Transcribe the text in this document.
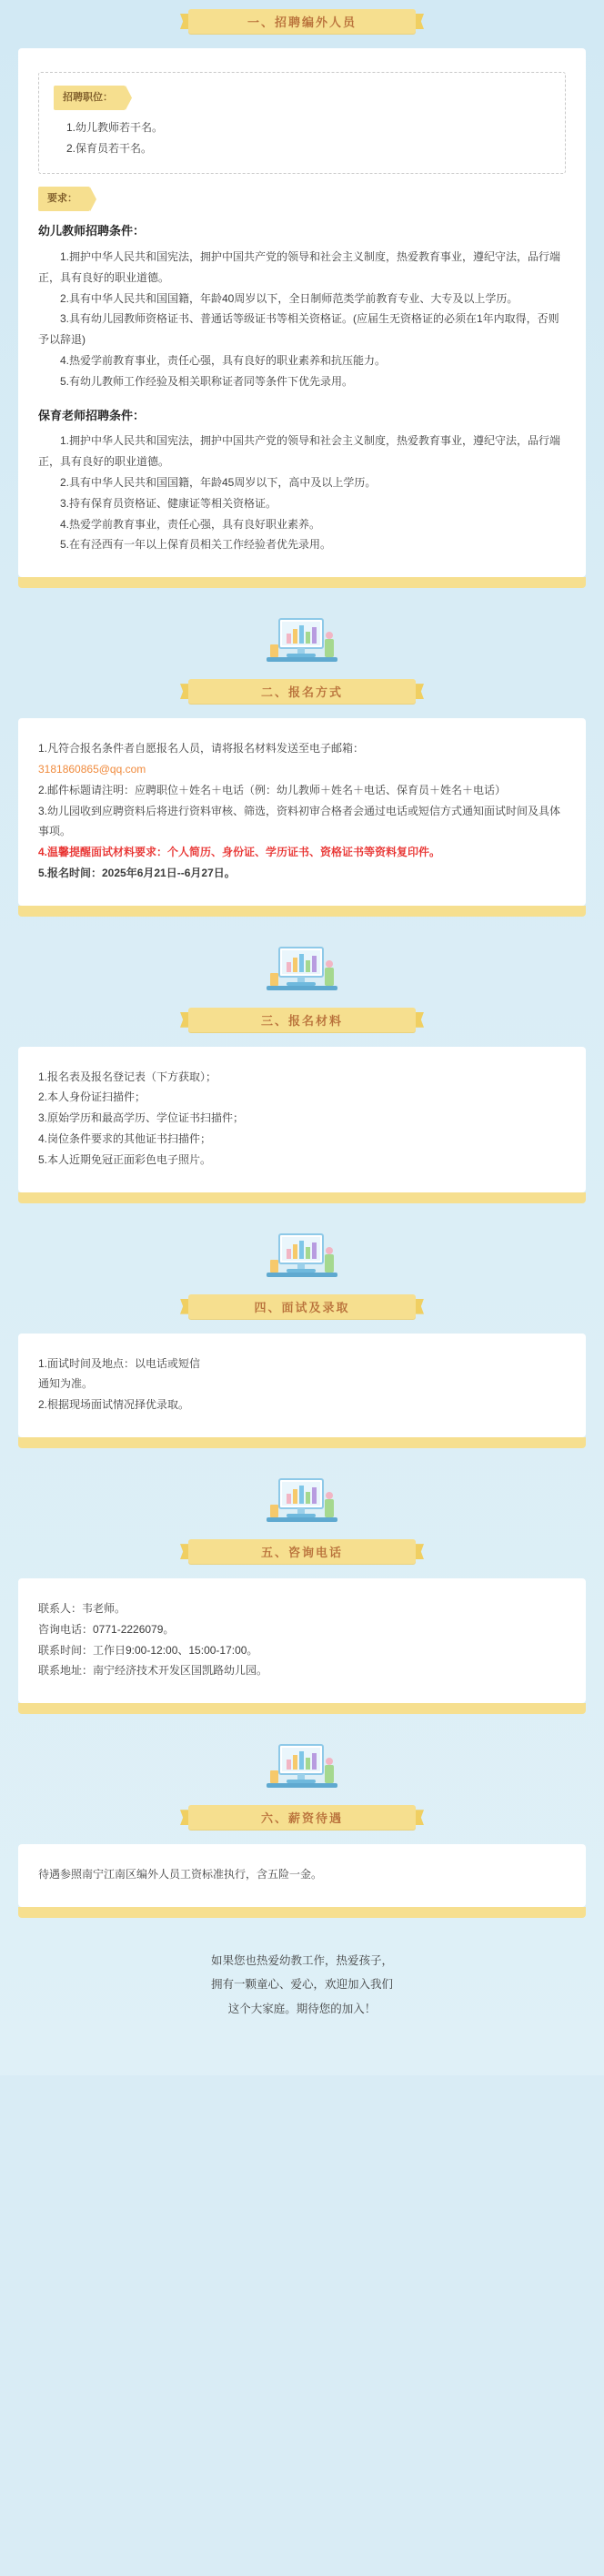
一、招聘编外人员
招聘职位：
1.幼儿教师若干名。
2.保育员若干名。
要求：
幼儿教师招聘条件：

1.拥护中华人民共和国宪法，拥护中国共产党的领导和社会主义制度，热爱教育事业，遵纪守法，品行端正，具有良好的职业道德。

2.具有中华人民共和国国籍，年龄40周岁以下，全日制师范类学前教育专业、大专及以上学历。

3.具有幼儿园教师资格证书、普通话等级证书等相关资格证。(应届生无资格证的必须在1年内取得，否则予以辞退)

4.热爱学前教育事业，责任心强，具有良好的职业素养和抗压能力。

5.有幼儿教师工作经验及相关职称证者同等条件下优先录用。

保育老师招聘条件：

1.拥护中华人民共和国宪法，拥护中国共产党的领导和社会主义制度，热爱教育事业，遵纪守法，品行端正，具有良好的职业道德。

2.具有中华人民共和国国籍，年龄45周岁以下，高中及以上学历。

3.持有保育员资格证、健康证等相关资格证。

4.热爱学前教育事业，责任心强，具有良好职业素养。

5.在有泾西有一年以上保育员相关工作经验者优先录用。

二、报名方式

1.凡符合报名条件者自愿报名人员，请将报名材料发送至电子邮箱：

3181860865@qq.com

2.邮件标题请注明：应聘职位＋姓名＋电话（例：幼儿教师＋姓名＋电话、保育员＋姓名＋电话）

3.幼儿园收到应聘资料后将进行资料审核、筛选，资料初审合格者会通过电话或短信方式通知面试时间及具体事项。

4.温馨提醒面试材料要求：个人简历、身份证、学历证书、资格证书等资料复印件。

5.报名时间：2025年6月21日--6月27日。

三、报名材料

1.报名表及报名登记表（下方获取）；

2.本人身份证扫描件；

3.原始学历和最高学历、学位证书扫描件；

4.岗位条件要求的其他证书扫描件；

5.本人近期免冠正面彩色电子照片。

四、面试及录取

1.面试时间及地点：以电话或短信

通知为准。

2.根据现场面试情况择优录取。

五、咨询电话

联系人：韦老师。

咨询电话：0771-2226079。

联系时间：工作日9:00-12:00、15:00-17:00。

联系地址：南宁经济技术开发区国凯路幼儿园。

六、薪资待遇

待遇参照南宁江南区编外人员工资标准执行，含五险一金。

如果您也热爱幼教工作，热爱孩子，
拥有一颗童心、爱心，欢迎加入我们
这个大家庭。期待您的加入！
